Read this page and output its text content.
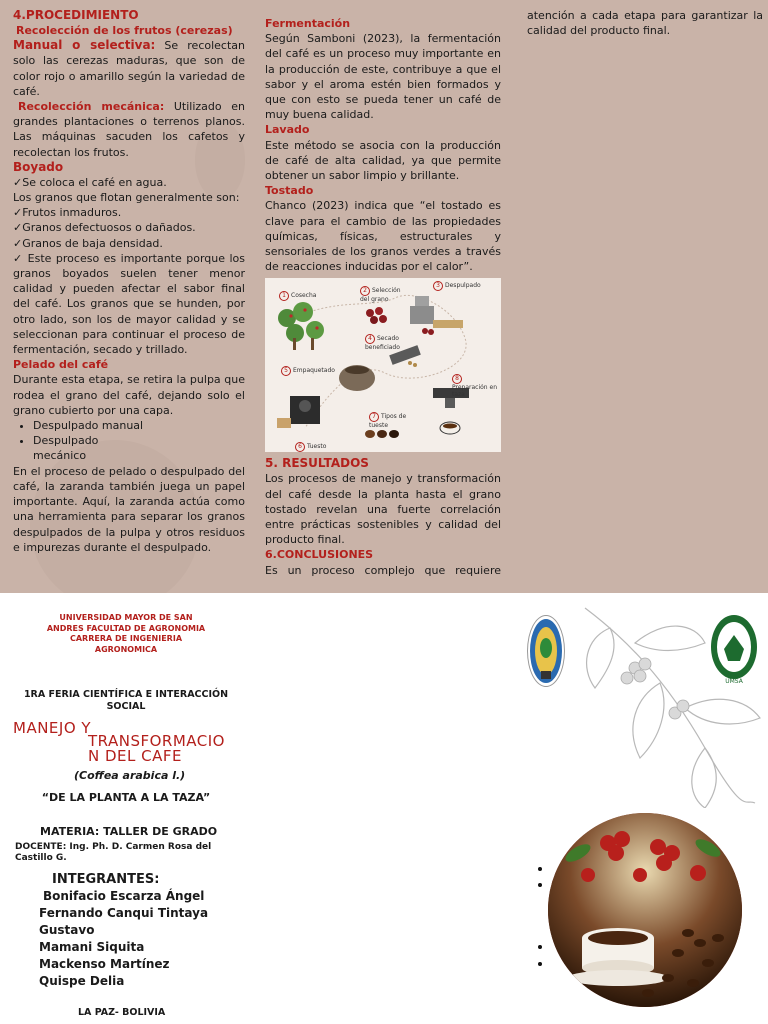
4.PROCEDIMIENTO

Recolección de los frutos (cerezas)

Manual o selectiva: Se recolectan solo las cerezas maduras, que son de color rojo o amarillo según la variedad de café.

Recolección mecánica: Utilizado en grandes plantaciones o terrenos planos. Las máquinas sacuden los cafetos y recolectan los frutos.

Boyado

✓Se coloca el café en agua.

Los granos que flotan generalmente son:

✓Frutos inmaduros.

✓Granos defectuosos o dañados.

✓Granos de baja densidad.

✓ Este proceso es importante porque los granos boyados suelen tener menor calidad y pueden afectar el sabor final del café. Los granos que se hunden, por otro lado, son los de mayor calidad y se seleccionan para continuar el proceso de fermentación, secado y trillado.

Pelado del café

Durante esta etapa, se retira la pulpa que rodea el grano del café, dejando solo el grano cubierto por una capa.

• Despulpado manual
• Despulpado mecánico

En el proceso de pelado o despulpado del café, la zaranda también juega un papel importante. Aquí, la zaranda actúa como una herramienta para separar los granos despulpados de la pulpa y otros residuos e impurezas durante el despulpado.

Fermentación

Según Samboni (2023), la fermentación del café es un proceso muy importante en la producción de este, contribuye a que el sabor y el aroma estén bien formados y que con esto se pueda tener un café de muy buena calidad.

Lavado

Este método se asocia con la producción de café de alta calidad, ya que permite obtener un sabor limpio y brillante.

Tostado

Chanco (2023) indica que “el tostado es clave para el cambio de las propiedades químicas, físicas, estructurales y sensoriales de los granos verdes a través de reacciones inducidas por el calor”.

1 Cosecha
2 Selección del grano
3 Despulpado
4 Secado beneficiado
5 Empaquetado
6 Tuesto
7 Tipos de tueste
8Preparación en taza

5. RESULTADOS

Los procesos de manejo y transformación del café desde la planta hasta el grano tostado revelan una fuerte correlación entre prácticas sostenibles y calidad del producto final.

6.CONCLUSIONES

Es un proceso complejo que requiere

atención a cada etapa para garantizar la calidad del producto final.

UNIVERSIDAD MAYOR DE SAN ANDRES FACULTAD DE AGRONOMIA CARRERA DE INGENIERIA AGRONOMICA
1RA FERIA CIENTÍFICA E INTERACCIÓN SOCIAL
MANEJO Y
TRANSFORMACIO N DEL CAFE
(Coffea arabica l.)
“DE LA PLANTA A LA TAZA”
MATERIA: TALLER DE GRADO
DOCENTE: Ing. Ph. D. Carmen Rosa del Castillo G.
INTEGRANTES:
Bonifacio Escarza Ángel
Fernando Canqui Tintaya
Gustavo
Mamani Siquita
Mackenso Martínez
Quispe Delia
LA PAZ- BOLIVIA
UMSA
